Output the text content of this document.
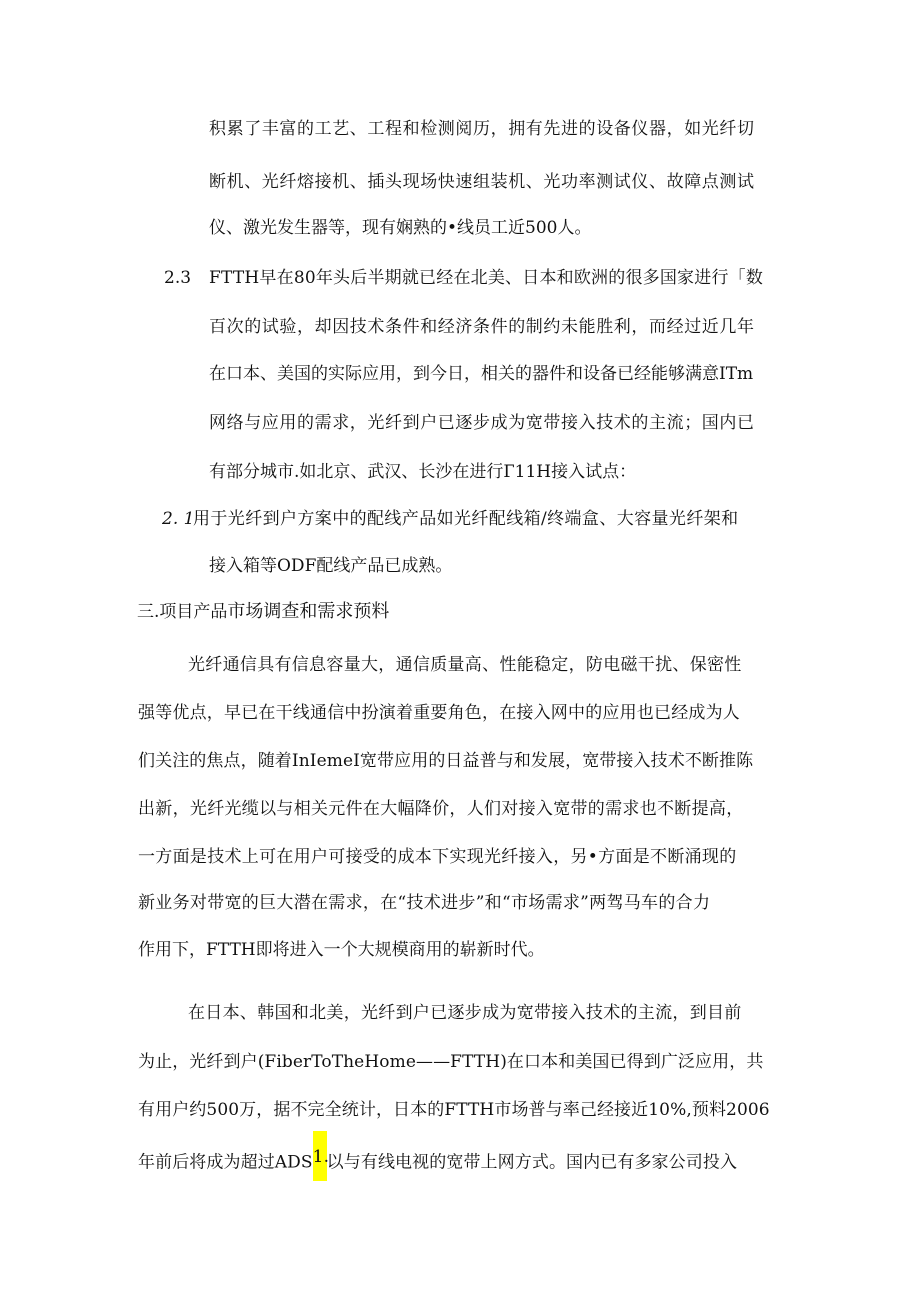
积累了丰富的工艺、工程和检测阅历，拥有先进的设备仪器，如光纤切
断机、光纤熔接机、插头现场快速组装机、光功率测试仪、故障点测试
仪、激光发生器等，现有娴熟的•线员工近500人。
2.3 FTTH早在80年头后半期就已经在北美、日本和欧洲的很多国家进行「数
百次的试验，却因技术条件和经济条件的制约未能胜利，而经过近几年
在口本、美国的实际应用，到今日，相关的器件和设备已经能够满意ITm
网络与应用的需求，光纤到户已逐步成为宽带接入技术的主流；国内已
有部分城市.如北京、武汉、长沙在进行Г11H接入试点：
2. 1
用于光纤到户方案中的配线产品如光纤配线箱/终端盒、大容量光纤架和
接入箱等ODF配线产品已成熟。
三.项目产品市场调查和需求预料
光纤通信具有信息容量大，通信质量高、性能稳定，防电磁干扰、保密性
强等优点，早已在干线通信中扮演着重要角色，在接入网中的应用也已经成为人
们关注的焦点，随着InIemeI宽带应用的日益普与和发展，宽带接入技术不断推陈
出新，光纤光缆以与相关元件在大幅降价，人们对接入宽带的需求也不断提高，
一方面是技术上可在用户可接受的成本下实现光纤接入，另•方面是不断涌现的
新业务对带宽的巨大潜在需求，在“技术进步”和“市场需求”两驾马车的合力
作用下，FTTH即将进入一个大规模商用的崭新时代。
在日本、韩国和北美，光纤到户已逐步成为宽带接入技术的主流，到目前
为止，光纤到户(FiberToTheHome——FTTH)在口本和美国已得到广泛应用，共
有用户约500万，据不完全统计，日本的FTTH市场普与率己经接近10%,预料2006
年前后将成为超过ADS 1.
以与有线电视的宽带上网方式。国内已有多家公司投入
